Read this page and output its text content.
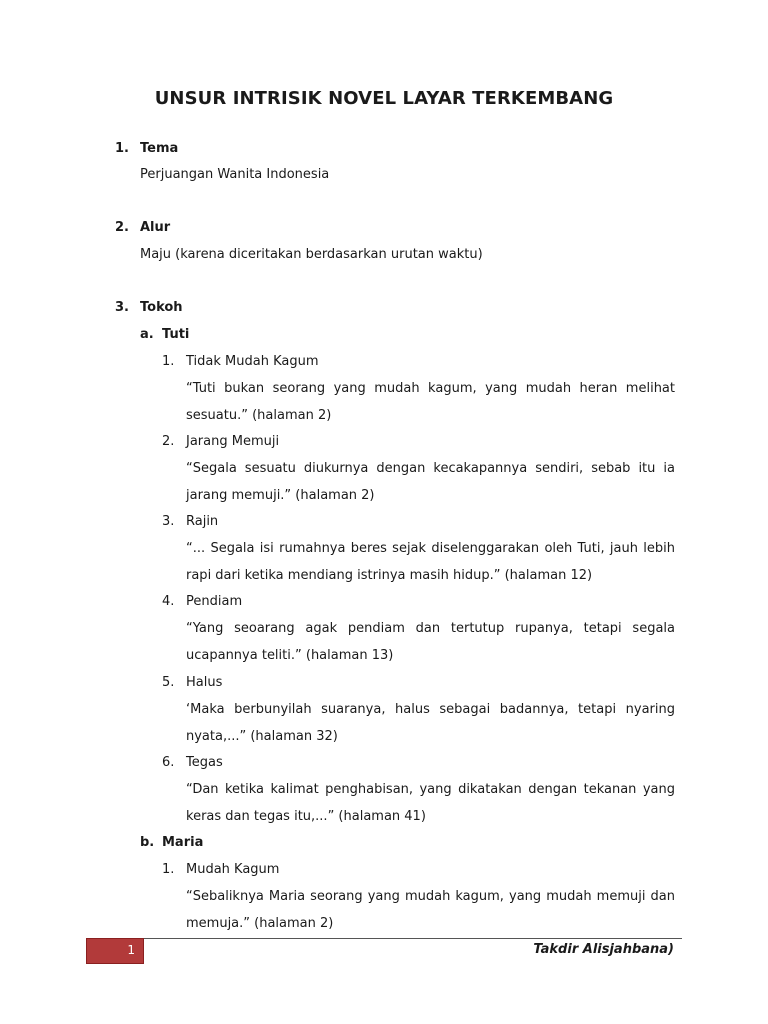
UNSUR INTRISIK NOVEL LAYAR TERKEMBANG
1. Tema
Perjuangan Wanita Indonesia
2. Alur
Maju (karena diceritakan berdasarkan urutan waktu)
3. Tokoh
a. Tuti
1. Tidak Mudah Kagum
“Tuti bukan seorang yang mudah kagum, yang mudah heran melihat sesuatu.” (halaman 2)
2. Jarang Memuji
“Segala sesuatu diukurnya dengan kecakapannya sendiri, sebab itu ia jarang memuji.” (halaman 2)
3. Rajin
“... Segala isi rumahnya beres sejak diselenggarakan oleh Tuti, jauh lebih rapi dari ketika mendiang istrinya masih hidup.” (halaman 12)
4. Pendiam
“Yang seoarang agak pendiam dan tertutup rupanya, tetapi segala ucapannya teliti.” (halaman 13)
5. Halus
‘Maka berbunyilah suaranya, halus sebagai badannya, tetapi nyaring nyata,...” (halaman 32)
6. Tegas
“Dan ketika kalimat penghabisan, yang dikatakan dengan tekanan yang keras dan tegas itu,...” (halaman 41)
b. Maria
1. Mudah Kagum
“Sebaliknya Maria seorang yang mudah kagum, yang mudah memuji dan memuja.” (halaman 2)
1	Takdir Alisjahbana)
